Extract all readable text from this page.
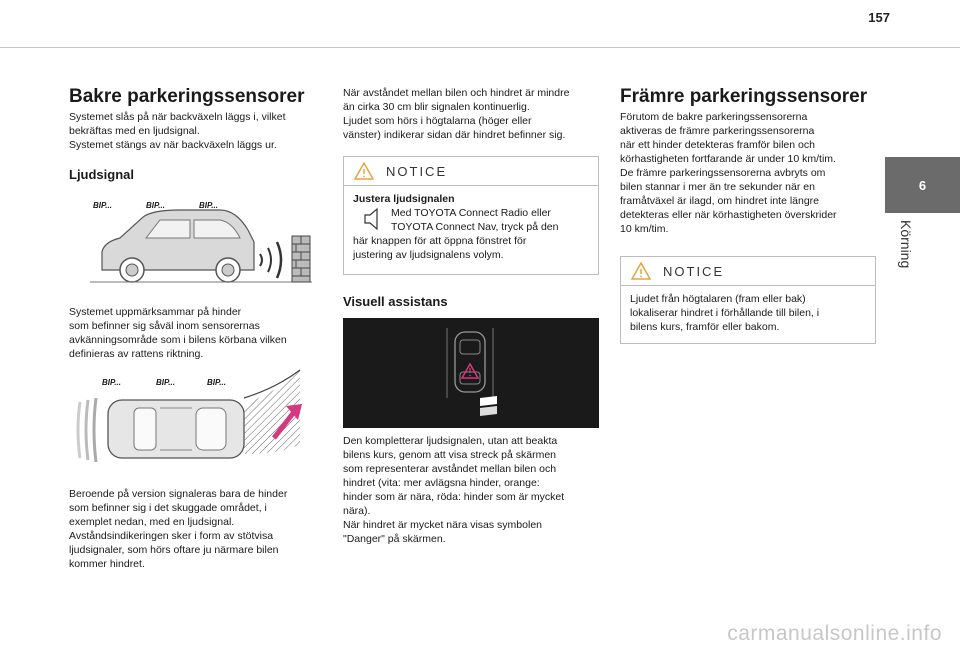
157
6
Körning
Bakre parkeringssensorer

Systemet slås på när backväxeln läggs i, vilket
bekräftas med en ljudsignal.
Systemet stängs av när backväxeln läggs ur.

Ljudsignal
BIP...	BIP...	BIP...

Systemet uppmärksammar på hinder
som befinner sig såväl inom sensorernas
avkänningsområde som i bilens körbana vilken
definieras av rattens riktning.

BIP...	BIP...	BIP...

Beroende på version signaleras bara de hinder
som befinner sig i det skuggade området, i
exemplet nedan, med en ljudsignal.
Avståndsindikeringen sker i form av stötvisa
ljudsignaler, som hörs oftare ju närmare bilen
kommer hindret.

När avståndet mellan bilen och hindret är mindre
än cirka 30 cm blir signalen kontinuerlig.
Ljudet som hörs i högtalarna (höger eller
vänster) indikerar sidan där hindret befinner sig.

NOTICE
Justera ljudsignalen
Med TOYOTA Connect Radio eller
TOYOTA Connect Nav, tryck på den

här knappen för att öppna fönstret för
justering av ljudsignalens volym.

Visuell assistans

Den kompletterar ljudsignalen, utan att beakta
bilens kurs, genom att visa streck på skärmen
som representerar avståndet mellan bilen och
hindret (vita: mer avlägsna hinder, orange:
hinder som är nära, röda: hinder som är mycket
nära).
När hindret är mycket nära visas symbolen
"Danger" på skärmen.

Främre parkeringssensorer

Förutom de bakre parkeringssensorerna
aktiveras de främre parkeringssensorerna
när ett hinder detekteras framför bilen och
körhastigheten fortfarande är under 10 km/tim.
De främre parkeringssensorerna avbryts om
bilen stannar i mer än tre sekunder när en
framåtväxel är ilagd, om hindret inte längre
detekteras eller när körhastigheten överskrider
10 km/tim.

NOTICE

Ljudet från högtalaren (fram eller bak)
lokaliserar hindret i förhållande till bilen, i
bilens kurs, framför eller bakom.

carmanualsonline.info
